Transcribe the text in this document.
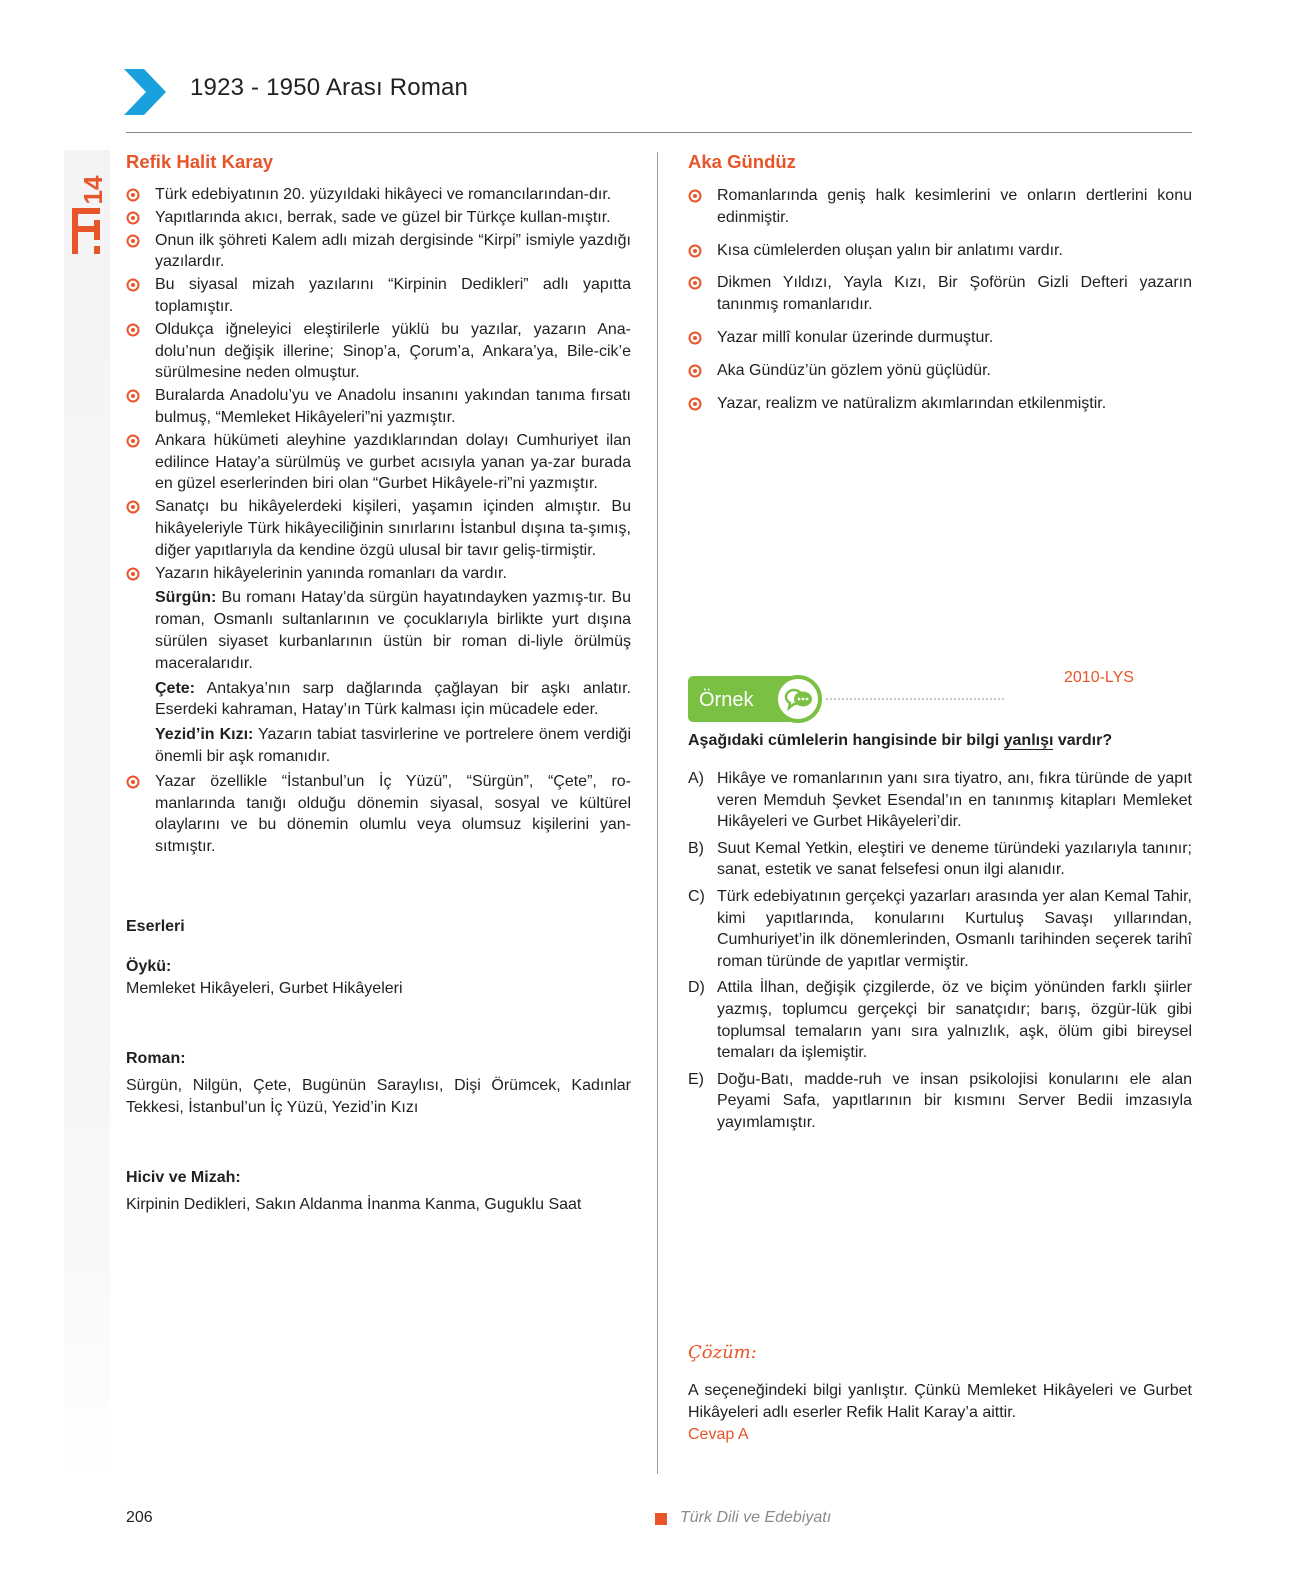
14
1923 - 1950 Arası Roman
Refik Halit Karay
Türk edebiyatının 20. yüzyıldaki hikâyeci ve romancılarından-dır.
Yapıtlarında akıcı, berrak, sade ve güzel bir Türkçe kullan-mıştır.
Onun ilk şöhreti Kalem adlı mizah dergisinde “Kirpi” ismiyle yazdığı yazılardır.
Bu siyasal mizah yazılarını “Kirpinin Dedikleri” adlı yapıtta toplamıştır.
Oldukça iğneleyici eleştirilerle yüklü bu yazılar, yazarın Ana-dolu’nun değişik illerine; Sinop’a, Çorum’a, Ankara’ya, Bile-cik’e sürülmesine neden olmuştur.
Buralarda Anadolu’yu ve Anadolu insanını yakından tanıma fırsatı bulmuş, “Memleket Hikâyeleri”ni yazmıştır.
Ankara hükümeti aleyhine yazdıklarından dolayı Cumhuriyet ilan edilince Hatay’a sürülmüş ve gurbet acısıyla yanan ya-zar burada en güzel eserlerinden biri olan “Gurbet Hikâyele-ri”ni yazmıştır.
Sanatçı bu hikâyelerdeki kişileri, yaşamın içinden almıştır. Bu hikâyeleriyle Türk hikâyeciliğinin sınırlarını İstanbul dışına ta-şımış, diğer yapıtlarıyla da kendine özgü ulusal bir tavır geliş-tirmiştir.
Yazarın hikâyelerinin yanında romanları da vardır.
Sürgün: Bu romanı Hatay’da sürgün hayatındayken yazmış-tır. Bu roman, Osmanlı sultanlarının ve çocuklarıyla birlikte yurt dışına sürülen siyaset kurbanlarının üstün bir roman di-liyle örülmüş maceralarıdır.
Çete: Antakya’nın sarp dağlarında çağlayan bir aşkı anlatır. Eserdeki kahraman, Hatay’ın Türk kalması için mücadele eder.
Yezid’in Kızı: Yazarın tabiat tasvirlerine ve portrelere önem verdiği önemli bir aşk romanıdır.
Yazar özellikle “İstanbul’un İç Yüzü”, “Sürgün”, “Çete”, ro-manlarında tanığı olduğu dönemin siyasal, sosyal ve kültürel olaylarını ve bu dönemin olumlu veya olumsuz kişilerini yan-sıtmıştır.
Eserleri
Öykü:
Memleket Hikâyeleri, Gurbet Hikâyeleri
Roman:
Sürgün, Nilgün, Çete, Bugünün Saraylısı, Dişi Örümcek, Kadınlar Tekkesi, İstanbul’un İç Yüzü, Yezid’in Kızı
Hiciv ve Mizah:
Kirpinin Dedikleri, Sakın Aldanma İnanma Kanma, Guguklu Saat
Aka Gündüz
Romanlarında geniş halk kesimlerini ve onların dertlerini konu edinmiştir.
Kısa cümlelerden oluşan yalın bir anlatımı vardır.
Dikmen Yıldızı, Yayla Kızı, Bir Şoförün Gizli Defteri yazarın tanınmış romanlarıdır.
Yazar millî konular üzerinde durmuştur.
Aka Gündüz’ün gözlem yönü güçlüdür.
Yazar, realizm ve natüralizm akımlarından etkilenmiştir.
Örnek
2010-LYS
Aşağıdaki cümlelerin hangisinde bir bilgi yanlışı vardır?
A) Hikâye ve romanlarının yanı sıra tiyatro, anı, fıkra türünde de yapıt veren Memduh Şevket Esendal’ın en tanınmış kitapları Memleket Hikâyeleri ve Gurbet Hikâyeleri’dir.
B) Suut Kemal Yetkin, eleştiri ve deneme türündeki yazılarıyla tanınır; sanat, estetik ve sanat felsefesi onun ilgi alanıdır.
C) Türk edebiyatının gerçekçi yazarları arasında yer alan Kemal Tahir, kimi yapıtlarında, konularını Kurtuluş Savaşı yıllarından, Cumhuriyet’in ilk dönemlerinden, Osmanlı tarihinden seçerek tarihî roman türünde de yapıtlar vermiştir.
D) Attila İlhan, değişik çizgilerde, öz ve biçim yönünden farklı şiirler yazmış, toplumcu gerçekçi bir sanatçıdır; barış, özgür-lük gibi toplumsal temaların yanı sıra yalnızlık, aşk, ölüm gibi bireysel temaları da işlemiştir.
E) Doğu-Batı, madde-ruh ve insan psikolojisi konularını ele alan Peyami Safa, yapıtlarının bir kısmını Server Bedii imzasıyla yayımlamıştır.
Çözüm:
A seçeneğindeki bilgi yanlıştır. Çünkü Memleket Hikâyeleri ve Gurbet Hikâyeleri adlı eserler Refik Halit Karay’a aittir.
Cevap A
206	Türk Dili ve Edebiyatı
